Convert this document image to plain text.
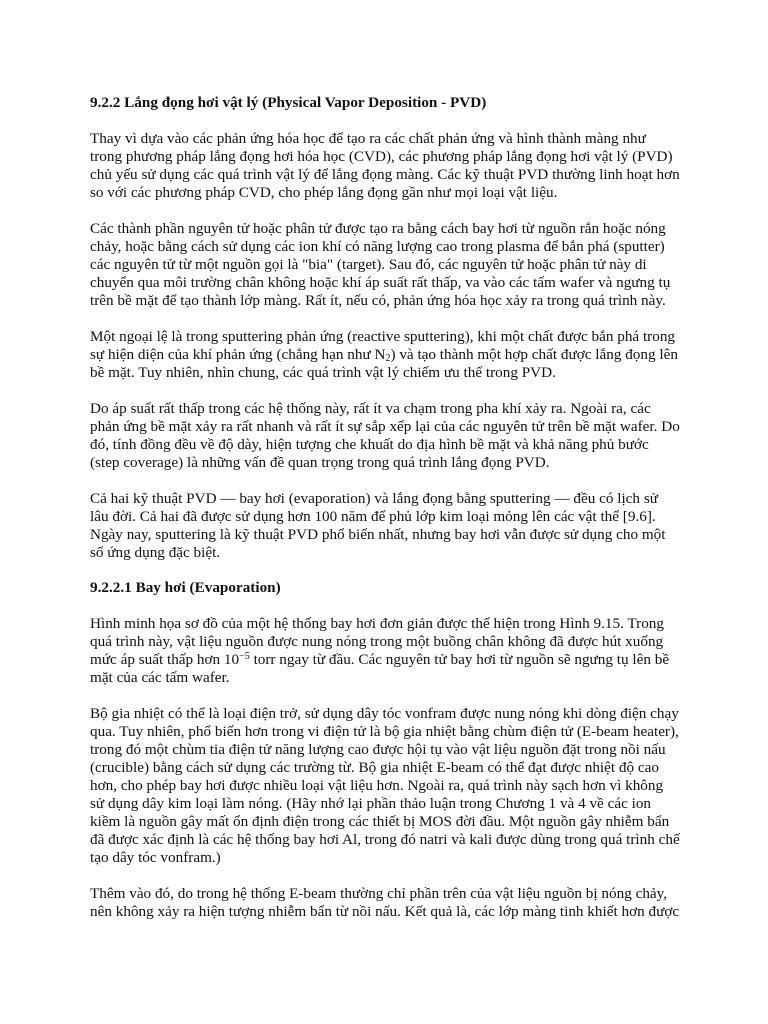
9.2.2 Lắng đọng hơi vật lý (Physical Vapor Deposition - PVD)

Thay vì dựa vào các phản ứng hóa học để tạo ra các chất phản ứng và hình thành màng như trong phương pháp lắng đọng hơi hóa học (CVD), các phương pháp lắng đọng hơi vật lý (PVD) chủ yếu sử dụng các quá trình vật lý để lắng đọng màng. Các kỹ thuật PVD thường linh hoạt hơn so với các phương pháp CVD, cho phép lắng đọng gần như mọi loại vật liệu.

Các thành phần nguyên tử hoặc phân tử được tạo ra bằng cách bay hơi từ nguồn rắn hoặc nóng chảy, hoặc bằng cách sử dụng các ion khí có năng lượng cao trong plasma để bắn phá (sputter) các nguyên tử từ một nguồn gọi là "bia" (target). Sau đó, các nguyên tử hoặc phân tử này di chuyển qua môi trường chân không hoặc khí áp suất rất thấp, va vào các tấm wafer và ngưng tụ trên bề mặt để tạo thành lớp màng. Rất ít, nếu có, phản ứng hóa học xảy ra trong quá trình này.

Một ngoại lệ là trong sputtering phản ứng (reactive sputtering), khi một chất được bắn phá trong sự hiện diện của khí phản ứng (chẳng hạn như $N_2$) và tạo thành một hợp chất được lắng đọng lên bề mặt. Tuy nhiên, nhìn chung, các quá trình vật lý chiếm ưu thế trong PVD.

Do áp suất rất thấp trong các hệ thống này, rất ít va chạm trong pha khí xảy ra. Ngoài ra, các phản ứng bề mặt xảy ra rất nhanh và rất ít sự sắp xếp lại của các nguyên tử trên bề mặt wafer. Do đó, tính đồng đều về độ dày, hiện tượng che khuất do địa hình bề mặt và khả năng phủ bước (step coverage) là những vấn đề quan trọng trong quá trình lắng đọng PVD.

Cả hai kỹ thuật PVD — bay hơi (evaporation) và lắng đọng bằng sputtering — đều có lịch sử lâu đời. Cả hai đã được sử dụng hơn 100 năm để phủ lớp kim loại mỏng lên các vật thể [9.6]. Ngày nay, sputtering là kỹ thuật PVD phổ biến nhất, nhưng bay hơi vẫn được sử dụng cho một số ứng dụng đặc biệt.

9.2.2.1 Bay hơi (Evaporation)

Hình minh họa sơ đồ của một hệ thống bay hơi đơn giản được thể hiện trong Hình 9.15. Trong quá trình này, vật liệu nguồn được nung nóng trong một buồng chân không đã được hút xuống mức áp suất thấp hơn $10^{-5}$ torr ngay từ đầu. Các nguyên tử bay hơi từ nguồn sẽ ngưng tụ lên bề mặt của các tấm wafer.

Bộ gia nhiệt có thể là loại điện trở, sử dụng dây tóc vonfram được nung nóng khi dòng điện chạy qua. Tuy nhiên, phổ biến hơn trong vi điện tử là bộ gia nhiệt bằng chùm điện tử (E-beam heater), trong đó một chùm tia điện tử năng lượng cao được hội tụ vào vật liệu nguồn đặt trong nồi nấu (crucible) bằng cách sử dụng các trường từ. Bộ gia nhiệt E-beam có thể đạt được nhiệt độ cao hơn, cho phép bay hơi được nhiều loại vật liệu hơn. Ngoài ra, quá trình này sạch hơn vì không sử dụng dây kim loại làm nóng. (Hãy nhớ lại phần thảo luận trong Chương 1 và 4 về các ion kiềm là nguồn gây mất ổn định điện trong các thiết bị MOS đời đầu. Một nguồn gây nhiễm bẩn đã được xác định là các hệ thống bay hơi Al, trong đó natri và kali được dùng trong quá trình chế tạo dây tóc vonfram.)

Thêm vào đó, do trong hệ thống E-beam thường chỉ phần trên của vật liệu nguồn bị nóng chảy, nên không xảy ra hiện tượng nhiễm bẩn từ nồi nấu. Kết quả là, các lớp màng tinh khiết hơn được
